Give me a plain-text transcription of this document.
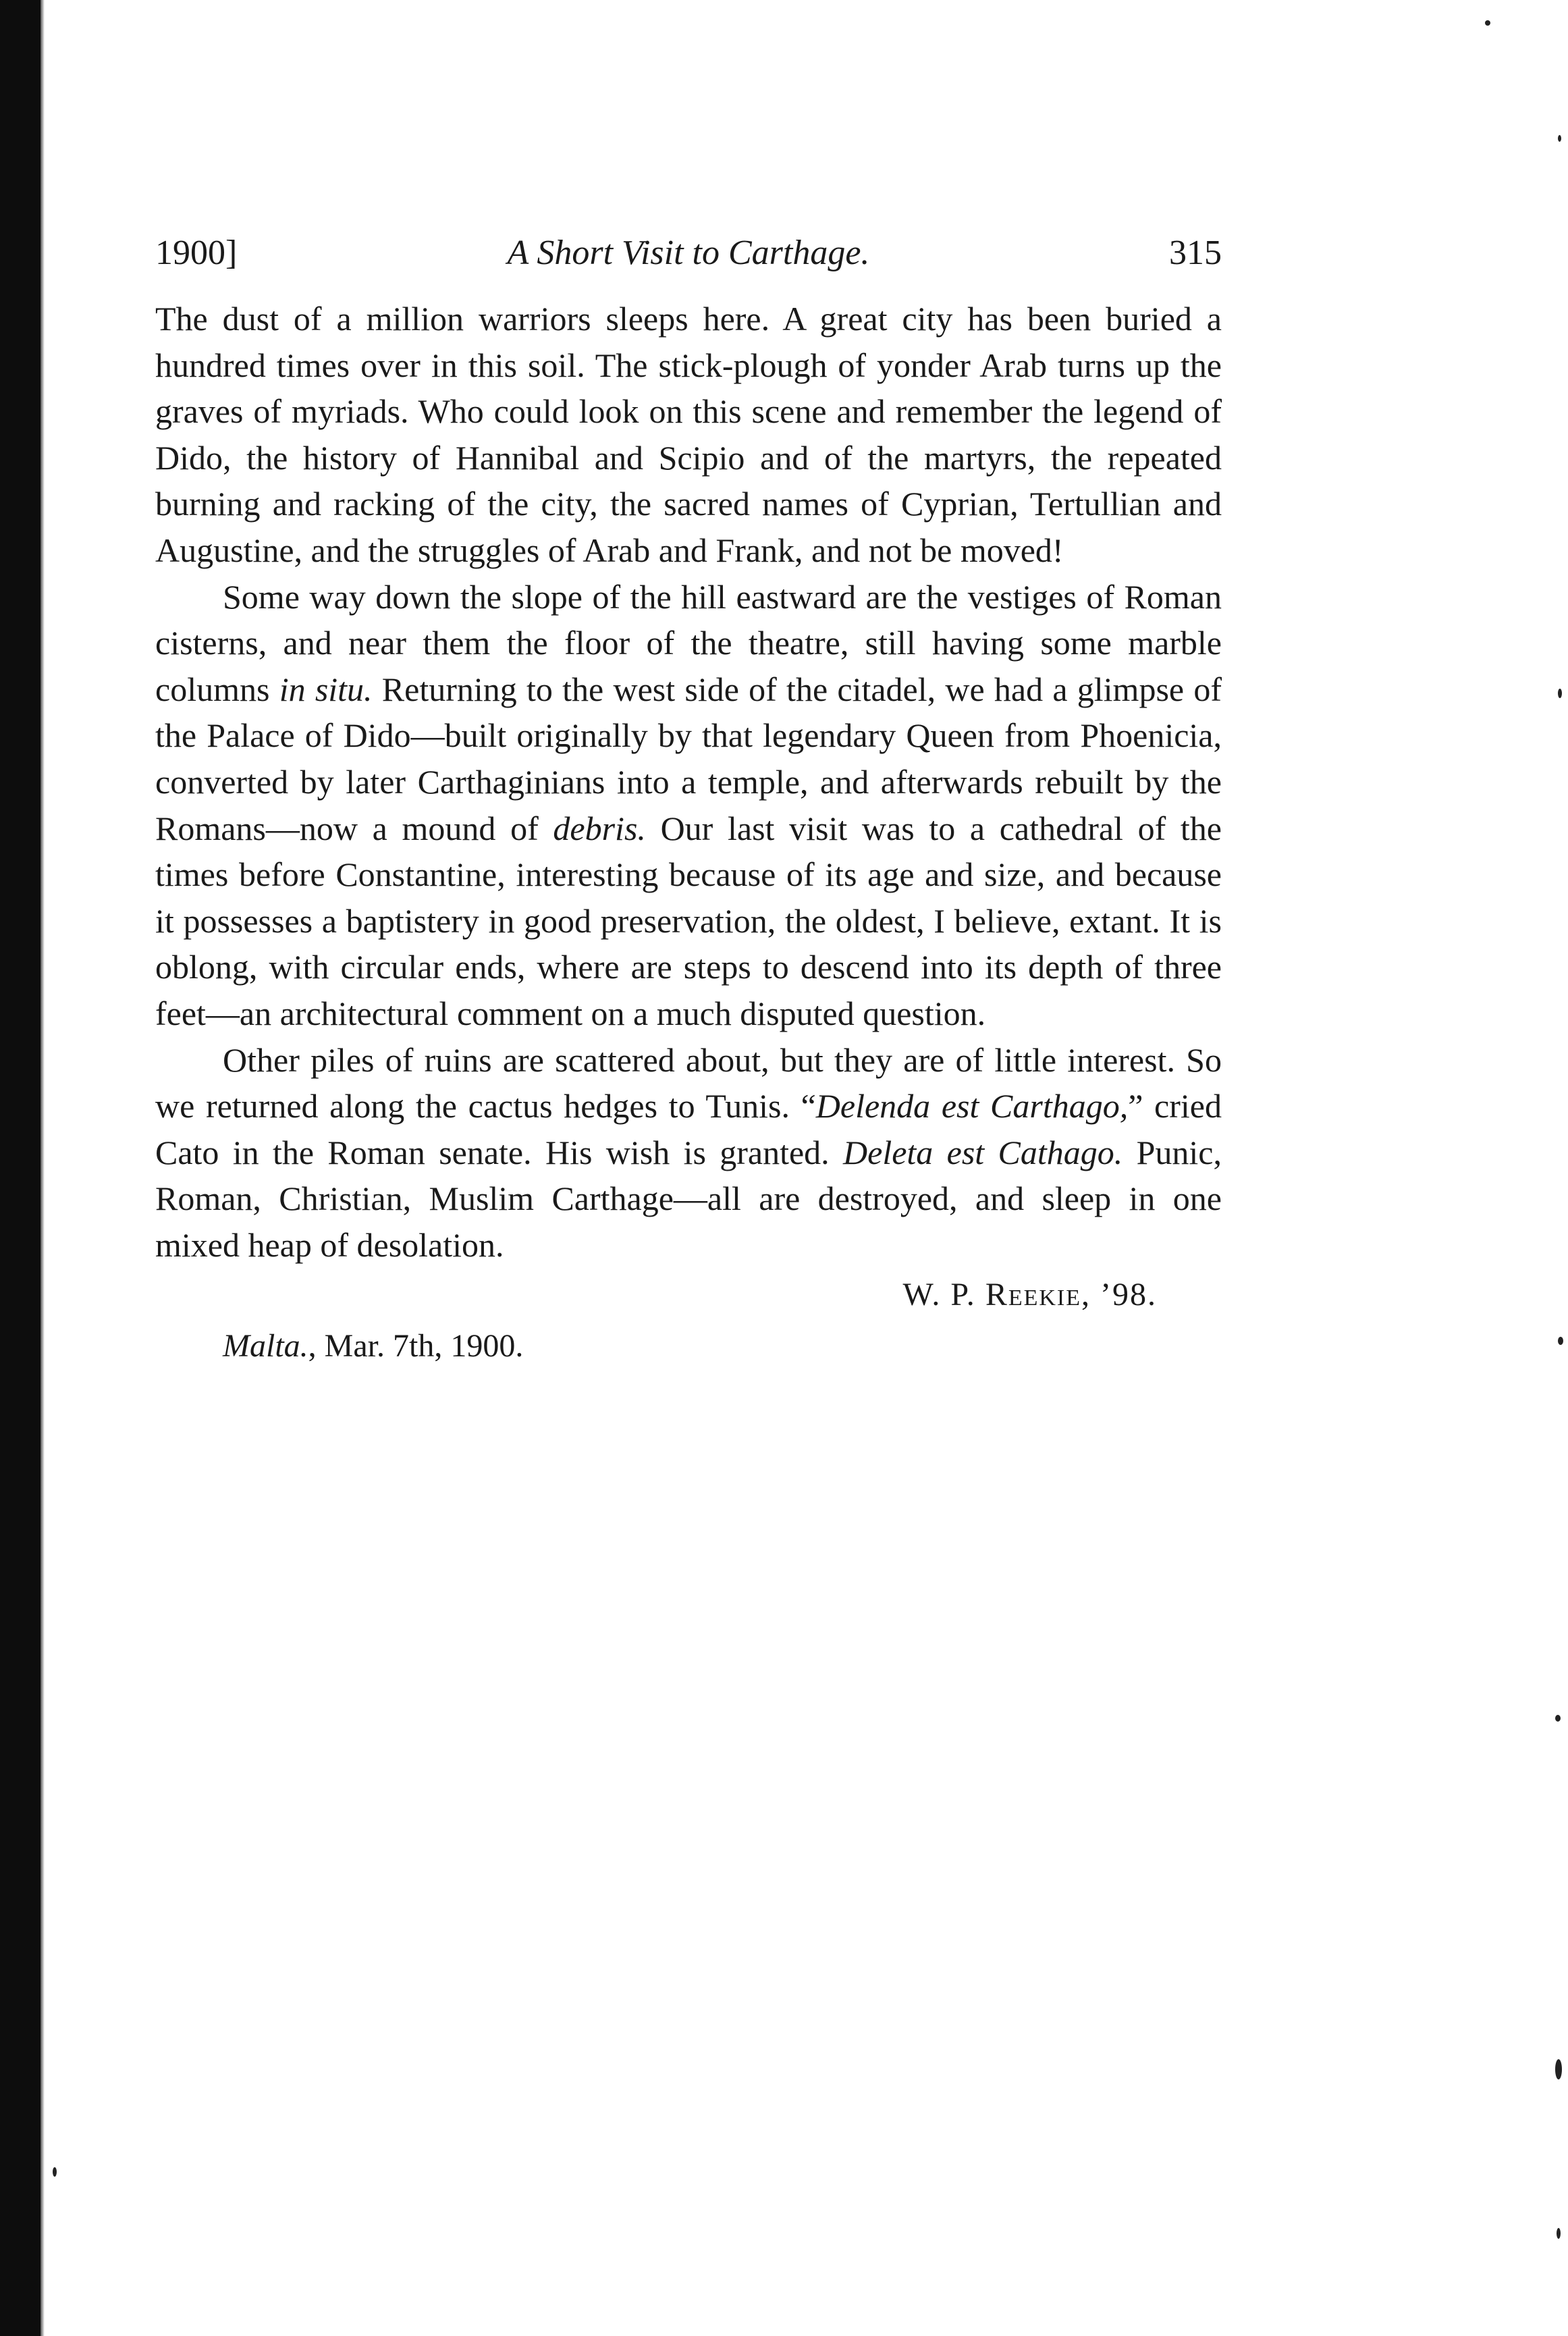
1900]	A Short Visit to Carthage.	315

The dust of a million warriors sleeps here. A great city has been buried a hundred times over in this soil. The stick-plough of yonder Arab turns up the graves of myriads. Who could look on this scene and remember the legend of Dido, the history of Hannibal and Scipio and of the martyrs, the repeated burning and racking of the city, the sacred names of Cyprian, Tertullian and Augustine, and the struggles of Arab and Frank, and not be moved!

Some way down the slope of the hill eastward are the vestiges of Roman cisterns, and near them the floor of the theatre, still having some marble columns in situ. Returning to the west side of the citadel, we had a glimpse of the Palace of Dido—built originally by that legendary Queen from Phoenicia, converted by later Carthaginians into a temple, and afterwards rebuilt by the Romans—now a mound of debris. Our last visit was to a cathedral of the times before Constantine, interesting because of its age and size, and because it possesses a baptistery in good preservation, the oldest, I believe, extant. It is oblong, with circular ends, where are steps to descend into its depth of three feet—an architectural comment on a much disputed question.

Other piles of ruins are scattered about, but they are of little interest. So we returned along the cactus hedges to Tunis. “Delenda est Carthago,” cried Cato in the Roman senate. His wish is granted. Deleta est Cathago. Punic, Roman, Christian, Muslim Carthage—all are destroyed, and sleep in one mixed heap of desolation.

W. P. Reekie, ’98.
Malta., Mar. 7th, 1900.
